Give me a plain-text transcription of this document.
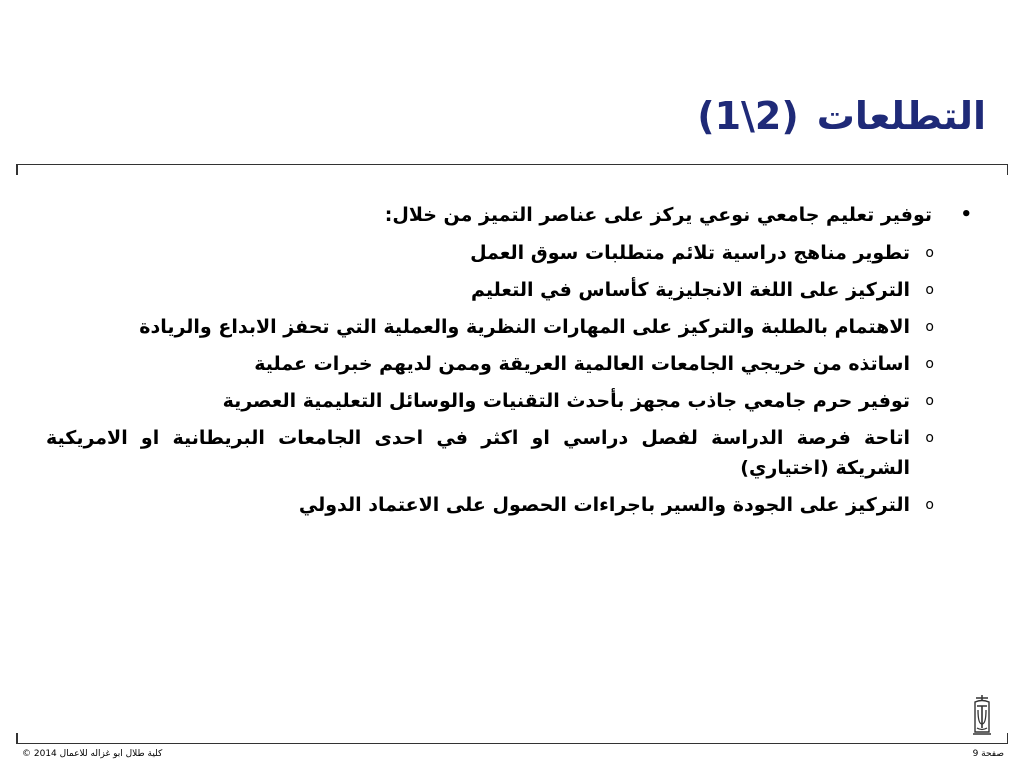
التطلعات(2\1)
•
توفير تعليم جامعي نوعي يركز على عناصر التميز من خلال:
o
تطوير مناهج دراسية تلائم متطلبات سوق العمل
o
التركيز على اللغة الانجليزية كأساس في التعليم
o
الاهتمام بالطلبة والتركيز على المهارات النظرية والعملية التي تحفز الابداع والريادة
o
اساتذه من خريجي الجامعات العالمية العريقة وممن لديهم خبرات عملية
o
توفير حرم جامعي جاذب مجهز بأحدث التقنيات والوسائل التعليمية العصرية
o
اتاحة فرصة الدراسة لفصل دراسي او اكثر في احدى الجامعات البريطانية او الامريكية الشريكة (اختياري)
o
التركيز على الجودة والسير باجراءات الحصول على الاعتماد الدولي
كلية طلال ابو غزاله للاعمال 2014 ©	صفحة 9
